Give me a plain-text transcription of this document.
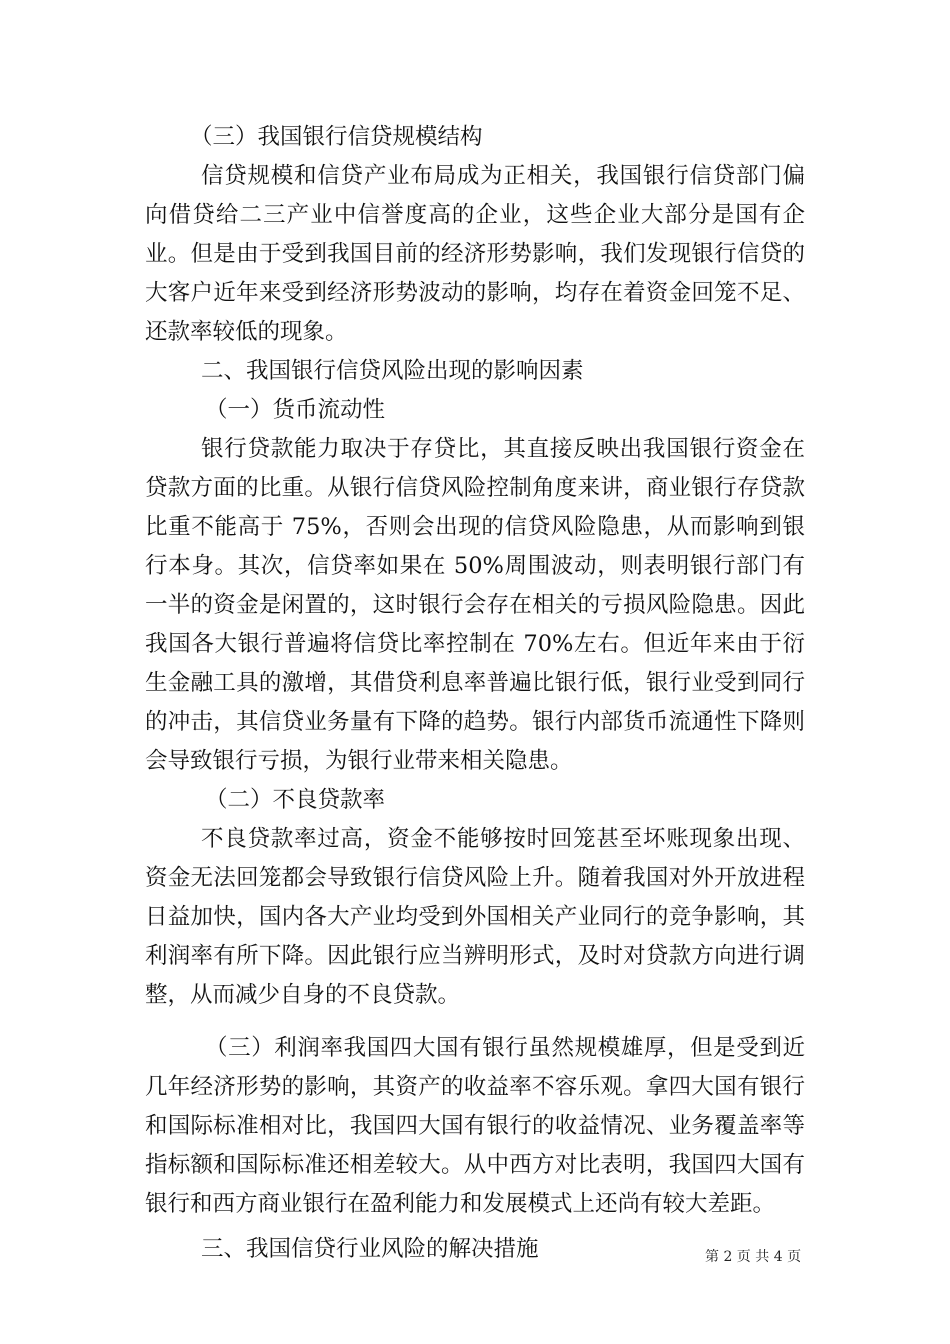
（三）我国银行信贷规模结构

信贷规模和信贷产业布局成为正相关，我国银行信贷部门偏向借贷给二三产业中信誉度高的企业，这些企业大部分是国有企业。但是由于受到我国目前的经济形势影响，我们发现银行信贷的大客户近年来受到经济形势波动的影响，均存在着资金回笼不足、还款率较低的现象。

二、我国银行信贷风险出现的影响因素

（一）货币流动性

银行贷款能力取决于存贷比，其直接反映出我国银行资金在贷款方面的比重。从银行信贷风险控制角度来讲，商业银行存贷款比重不能高于 75%，否则会出现的信贷风险隐患，从而影响到银行本身。其次，信贷率如果在 50%周围波动，则表明银行部门有一半的资金是闲置的，这时银行会存在相关的亏损风险隐患。因此我国各大银行普遍将信贷比率控制在 70%左右。但近年来由于衍生金融工具的激增，其借贷利息率普遍比银行低，银行业受到同行的冲击，其信贷业务量有下降的趋势。银行内部货币流通性下降则会导致银行亏损，为银行业带来相关隐患。

（二）不良贷款率

不良贷款率过高，资金不能够按时回笼甚至坏账现象出现、资金无法回笼都会导致银行信贷风险上升。随着我国对外开放进程日益加快，国内各大产业均受到外国相关产业同行的竞争影响，其利润率有所下降。因此银行应当辨明形式，及时对贷款方向进行调整，从而减少自身的不良贷款。

（三）利润率我国四大国有银行虽然规模雄厚，但是受到近几年经济形势的影响，其资产的收益率不容乐观。拿四大国有银行和国际标准相对比，我国四大国有银行的收益情况、业务覆盖率等指标额和国际标准还相差较大。从中西方对比表明，我国四大国有银行和西方商业银行在盈利能力和发展模式上还尚有较大差距。

三、我国信贷行业风险的解决措施	第 2 页 共 4 页
